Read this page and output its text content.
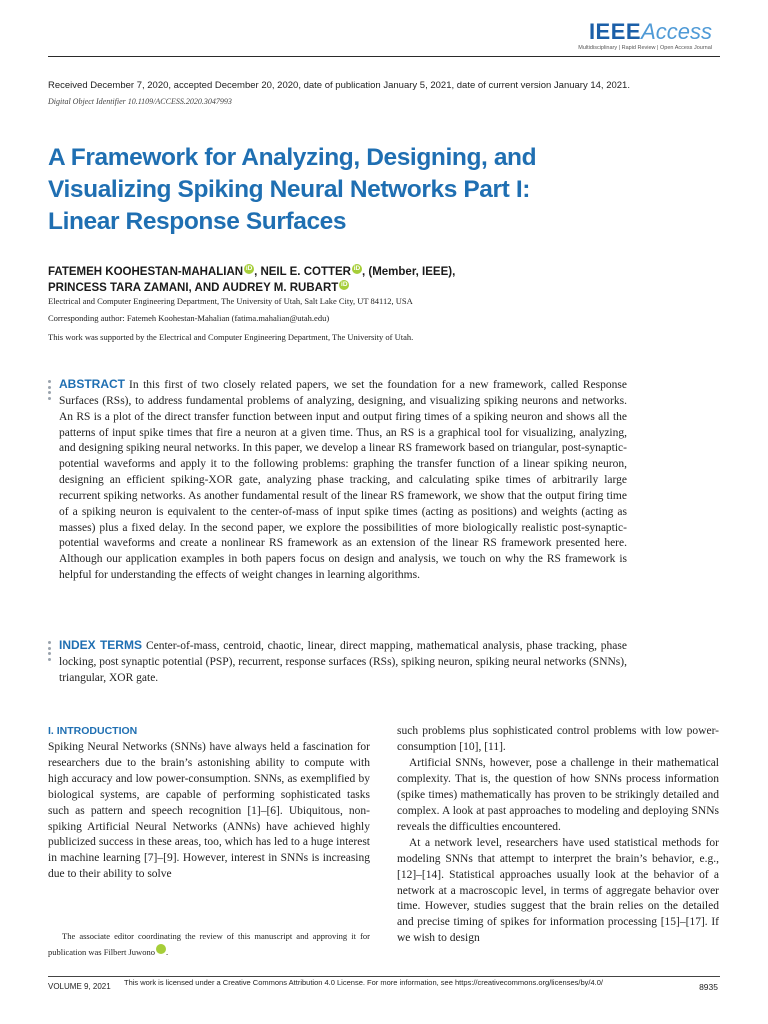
IEEEAccess
Multidisciplinary | Rapid Review | Open Access Journal
Received December 7, 2020, accepted December 20, 2020, date of publication January 5, 2021, date of current version January 14, 2021.
Digital Object Identifier 10.1109/ACCESS.2020.3047993
A Framework for Analyzing, Designing, and
Visualizing Spiking Neural Networks Part I:
Linear Response Surfaces
FATEMEH KOOHESTAN-MAHALIAN iD , NEIL E. COTTER iD , (Member, IEEE),
PRINCESS TARA ZAMANI, AND AUDREY M. RUBART iD
Electrical and Computer Engineering Department, The University of Utah, Salt Lake City, UT 84112, USA
Corresponding author: Fatemeh Koohestan-Mahalian (fatima.mahalian@utah.edu)
This work was supported by the Electrical and Computer Engineering Department, The University of Utah.
ABSTRACT In this first of two closely related papers, we set the foundation for a new framework, called Response Surfaces (RSs), to address fundamental problems of analyzing, designing, and visualizing spiking neurons and networks. An RS is a plot of the direct transfer function between input and output firing times of a spiking neuron and shows all the patterns of input spike times that fire a neuron at a given time. Thus, an RS is a graphical tool for visualizing, analyzing, and designing spiking neural networks. In this paper, we develop a linear RS framework based on triangular, post-synaptic-potential waveforms and apply it to the following problems: graphing the transfer function of a linear spiking neuron, designing an efficient spiking-XOR gate, analyzing phase tracking, and calculating spike times of arbitrarily large recurrent spiking networks. As another fundamental result of the linear RS framework, we show that the output firing time of a spiking neuron is equivalent to the center-of-mass of input spike times (acting as positions) and weights (acting as masses) plus a fixed delay. In the second paper, we explore the possibilities of more biologically realistic post-synaptic-potential waveforms and create a nonlinear RS framework as an extension of the linear RS framework presented here. Although our application examples in both papers focus on design and analysis, we touch on why the RS framework is helpful for understanding the effects of weight changes in learning algorithms.
INDEX TERMS Center-of-mass, centroid, chaotic, linear, direct mapping, mathematical analysis, phase tracking, phase locking, post synaptic potential (PSP), recurrent, response surfaces (RSs), spiking neuron, spiking neural networks (SNNs), triangular, XOR gate.
I. INTRODUCTION
Spiking Neural Networks (SNNs) have always held a fascination for researchers due to the brain’s astonishing ability to compute with high accuracy and low power-consumption. SNNs, as exemplified by biological systems, are capable of performing sophisticated tasks such as pattern and speech recognition [1]–[6]. Ubiquitous, non-spiking Artificial Neural Networks (ANNs) have achieved highly publicized success in these areas, too, which has led to a huge interest in machine learning [7]–[9]. However, interest in SNNs is increasing due to their ability to solve

such problems plus sophisticated control problems with low power-consumption [10], [11].

Artificial SNNs, however, pose a challenge in their mathematical complexity. That is, the question of how SNNs process information (spike times) mathematically has proven to be strikingly detailed and complex. A look at past approaches to modeling and deploying SNNs reveals the difficulties encountered.

At a network level, researchers have used statistical methods for modeling SNNs that attempt to interpret the brain’s behavior, e.g., [12]–[14]. Statistical approaches usually look at the behavior of a network at a macroscopic level, in terms of aggregate behavior over time. However, studies suggest that the brain relies on the detailed and precise timing of spikes for information processing [15]–[17]. If we wish to design

The associate editor coordinating the review of this manuscript and approving it for publication was Filbert Juwono iD.
VOLUME 9, 2021 This work is licensed under a Creative Commons Attribution 4.0 License. For more information, see https://creativecommons.org/licenses/by/4.0/	8935
